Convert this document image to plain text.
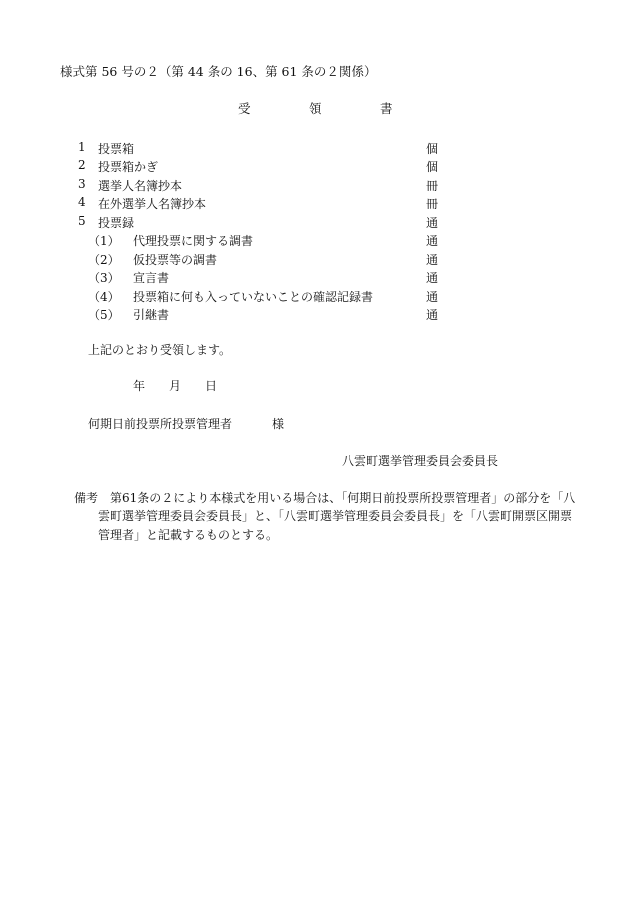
様式第 56 号の２（第 44 条の 16、第 61 条の２関係）
受	領	書
1 投票箱	個
2 投票箱かぎ	個
3 選挙人名簿抄本	冊
4 在外選挙人名簿抄本	冊
5 投票録	通
（1） 代理投票に関する調書	通
（2） 仮投票等の調書	通
（3） 宣言書	通
（4） 投票箱に何も入っていないことの確認記録書	通
（5） 引継書	通
上記のとおり受領します。
年 月 日
何期日前投票所投票管理者	様
八雲町選挙管理委員会委員長
備考 第61条の２により本様式を用いる場合は、「何期日前投票所投票管理者」の部分を「八
雲町選挙管理委員会委員長」と、「八雲町選挙管理委員会委員長」を「八雲町開票区開票
管理者」と記載するものとする。
